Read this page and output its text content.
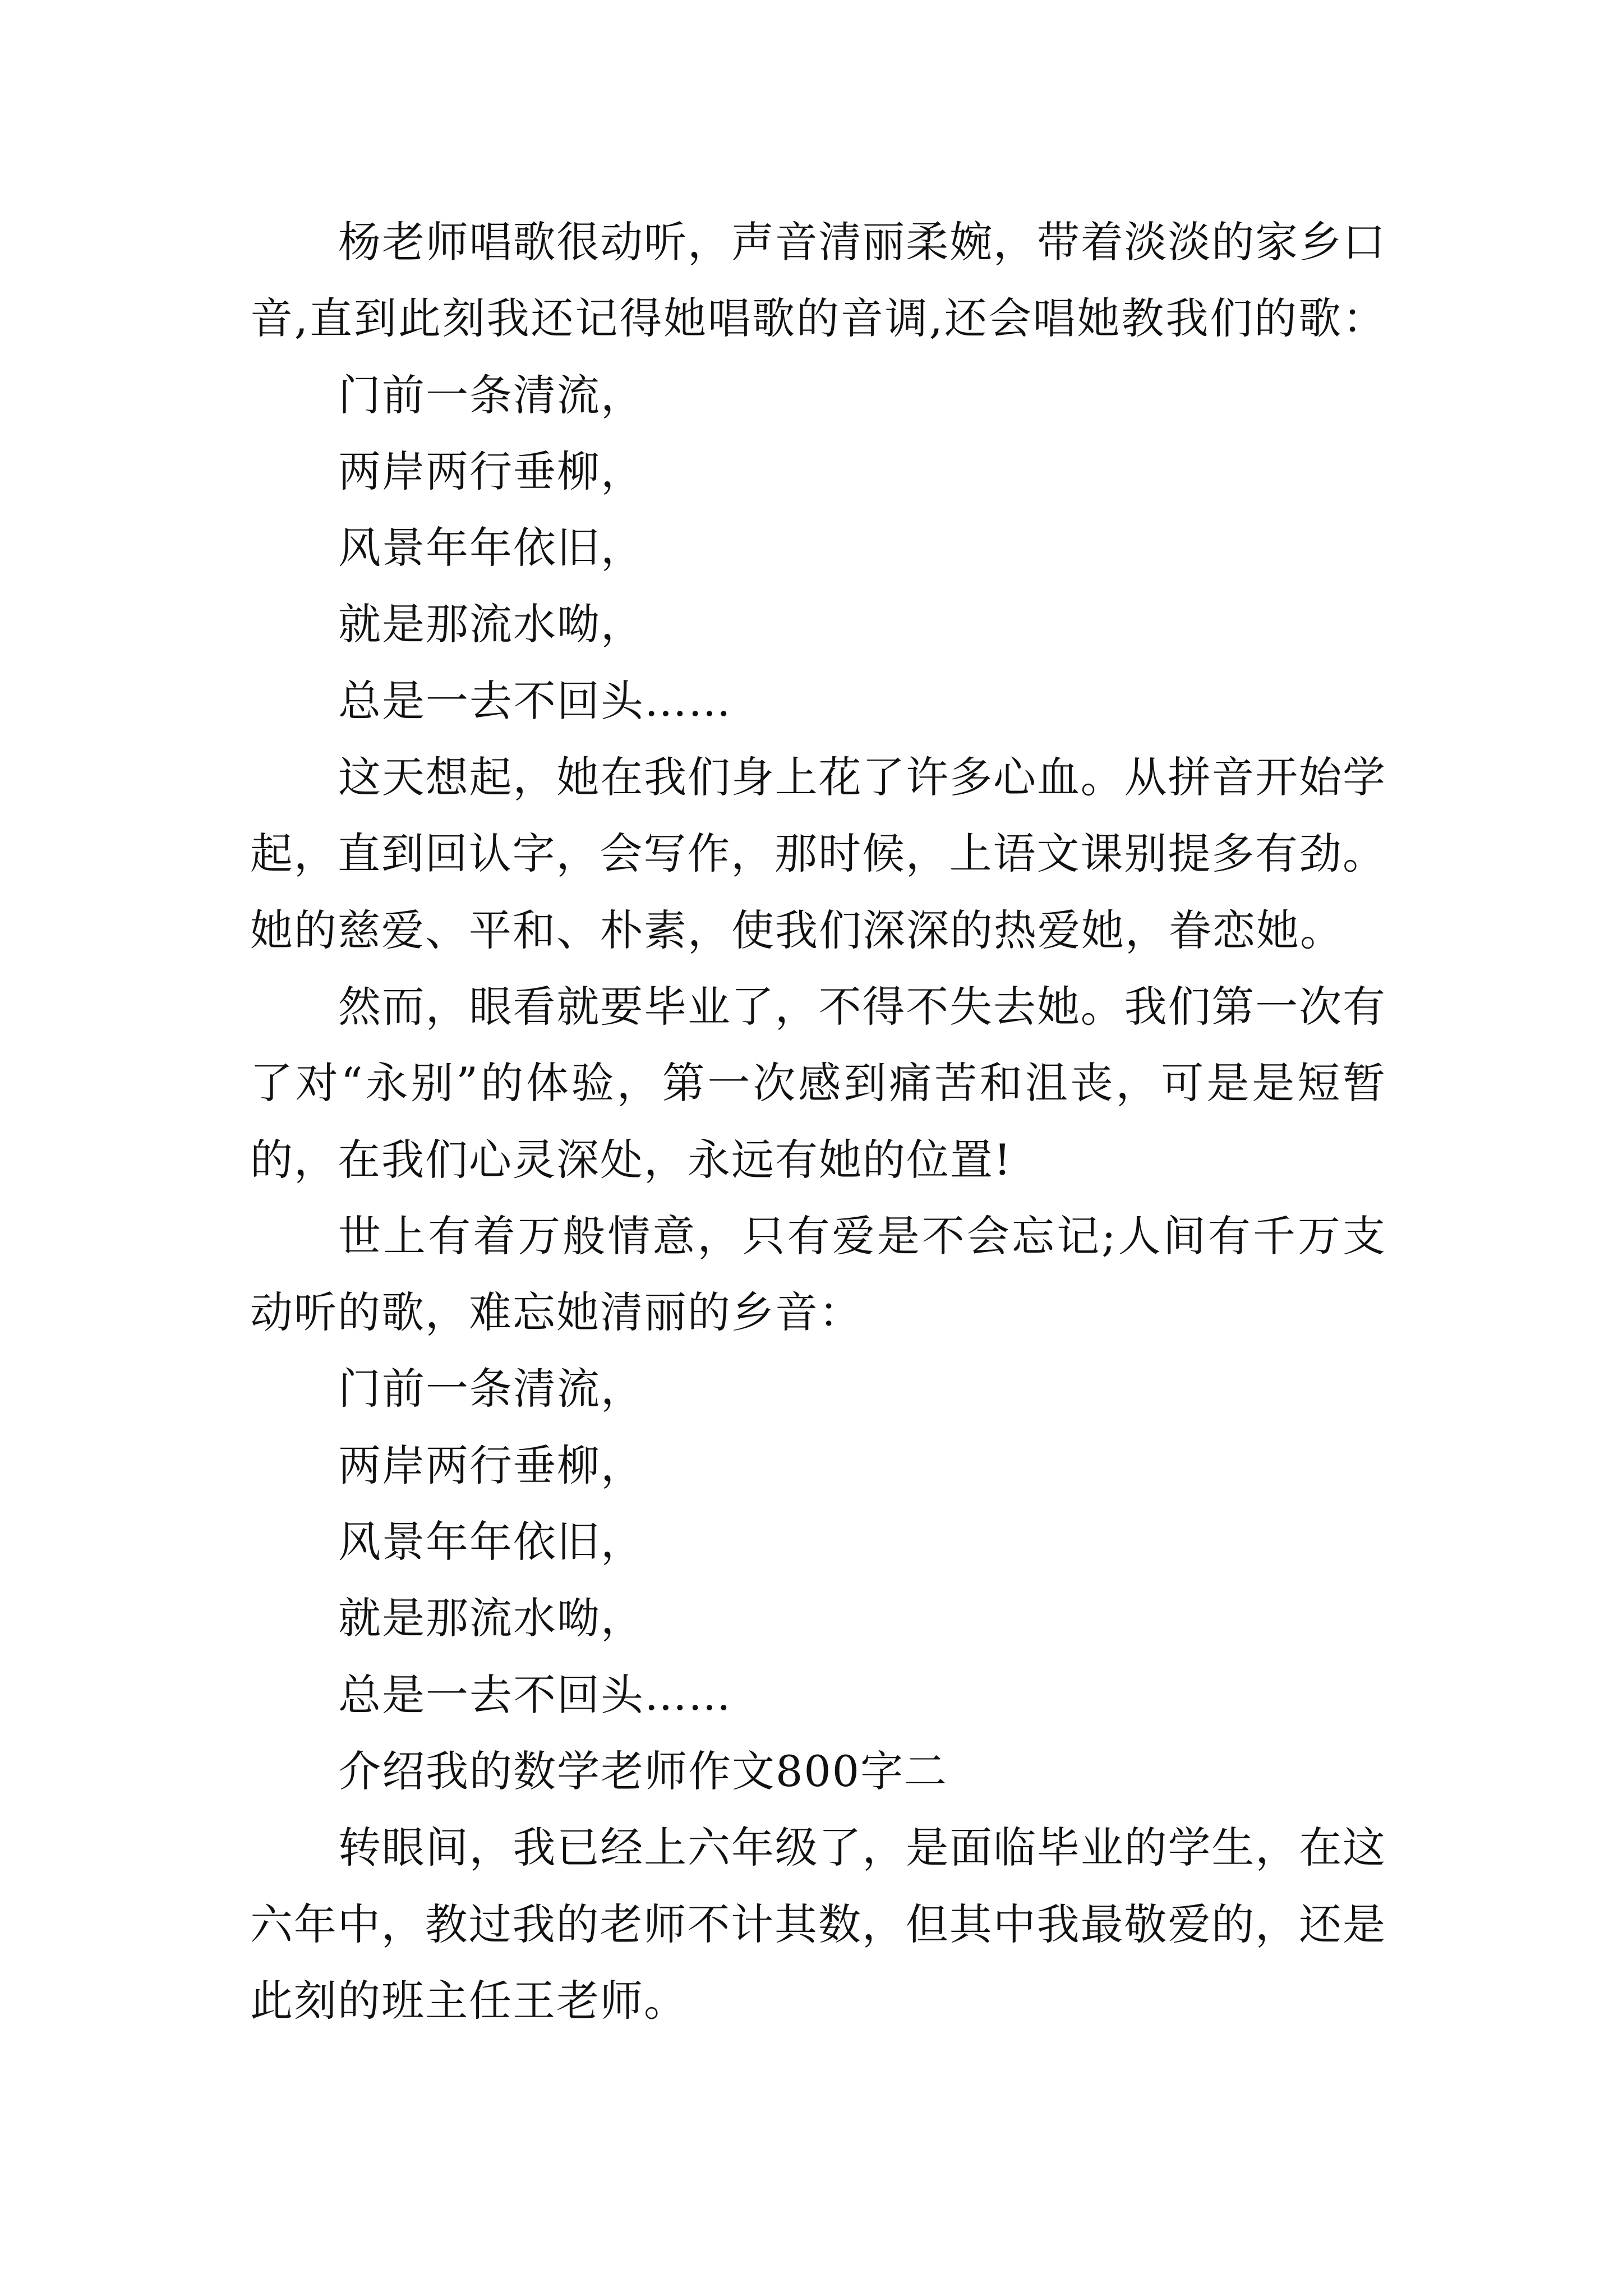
杨老师唱歌很动听，声音清丽柔婉，带着淡淡的家乡口
音,直到此刻我还记得她唱歌的音调,还会唱她教我们的歌：
门前一条清流，
两岸两行垂柳，
风景年年依旧，
就是那流水呦，
总是一去不回头……
这天想起，她在我们身上花了许多心血。从拼音开始学
起，直到回认字，会写作，那时候，上语文课别提多有劲。
她的慈爱、平和、朴素，使我们深深的热爱她，眷恋她。
然而，眼看就要毕业了，不得不失去她。我们第一次有
了对“永别”的体验，第一次感到痛苦和沮丧，可是是短暂
的，在我们心灵深处，永远有她的位置!
世上有着万般情意，只有爱是不会忘记;人间有千万支
动听的歌，难忘她清丽的乡音：
门前一条清流，
两岸两行垂柳，
风景年年依旧，
就是那流水呦，
总是一去不回头……
介绍我的数学老师作文800字二
转眼间，我已经上六年级了，是面临毕业的学生，在这
六年中，教过我的老师不计其数，但其中我最敬爱的，还是
此刻的班主任王老师。
